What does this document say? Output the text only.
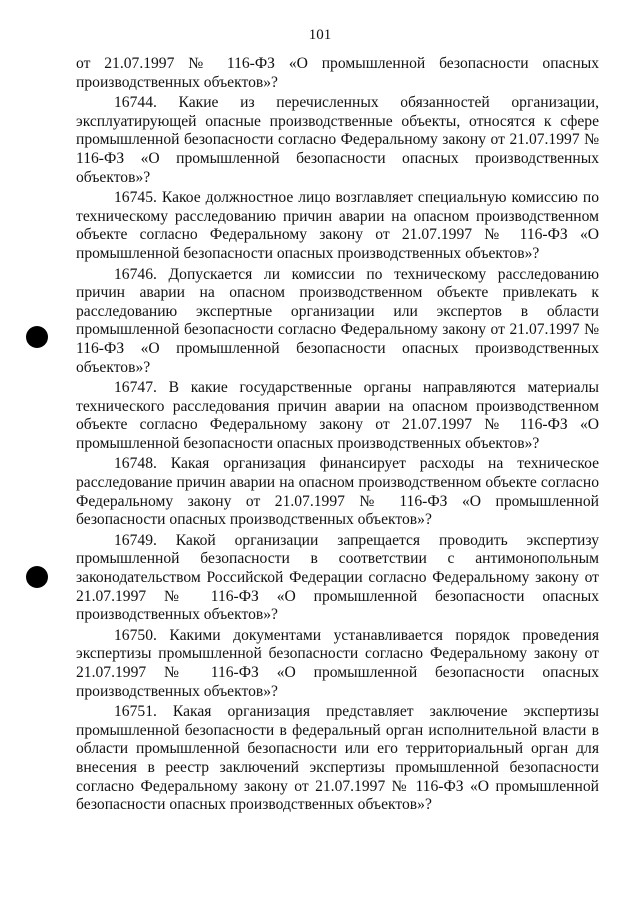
101

от 21.07.1997 № 116-ФЗ «О промышленной безопасности опасных производственных объектов»?

16744. Какие из перечисленных обязанностей организации, эксплуатирующей опасные производственные объекты, относятся к сфере промышленной безопасности согласно Федеральному закону от 21.07.1997 № 116-ФЗ «О промышленной безопасности опасных производственных объектов»?

16745. Какое должностное лицо возглавляет специальную комиссию по техническому расследованию причин аварии на опасном производственном объекте согласно Федеральному закону от 21.07.1997 № 116-ФЗ «О промышленной безопасности опасных производственных объектов»?

16746. Допускается ли комиссии по техническому расследованию причин аварии на опасном производственном объекте привлекать к расследованию экспертные организации или экспертов в области промышленной безопасности согласно Федеральному закону от 21.07.1997 № 116-ФЗ «О промышленной безопасности опасных производственных объектов»?

16747. В какие государственные органы направляются материалы технического расследования причин аварии на опасном производственном объекте согласно Федеральному закону от 21.07.1997 № 116-ФЗ «О промышленной безопасности опасных производственных объектов»?

16748. Какая организация финансирует расходы на техническое расследование причин аварии на опасном производственном объекте согласно Федеральному закону от 21.07.1997 № 116-ФЗ «О промышленной безопасности опасных производственных объектов»?

16749. Какой организации запрещается проводить экспертизу промышленной безопасности в соответствии с антимонопольным законодательством Российской Федерации согласно Федеральному закону от 21.07.1997 № 116-ФЗ «О промышленной безопасности опасных производственных объектов»?

16750. Какими документами устанавливается порядок проведения экспертизы промышленной безопасности согласно Федеральному закону от 21.07.1997 № 116-ФЗ «О промышленной безопасности опасных производственных объектов»?

16751. Какая организация представляет заключение экспертизы промышленной безопасности в федеральный орган исполнительной власти в области промышленной безопасности или его территориальный орган для внесения в реестр заключений экспертизы промышленной безопасности согласно Федеральному закону от 21.07.1997 № 116-ФЗ «О промышленной безопасности опасных производственных объектов»?
